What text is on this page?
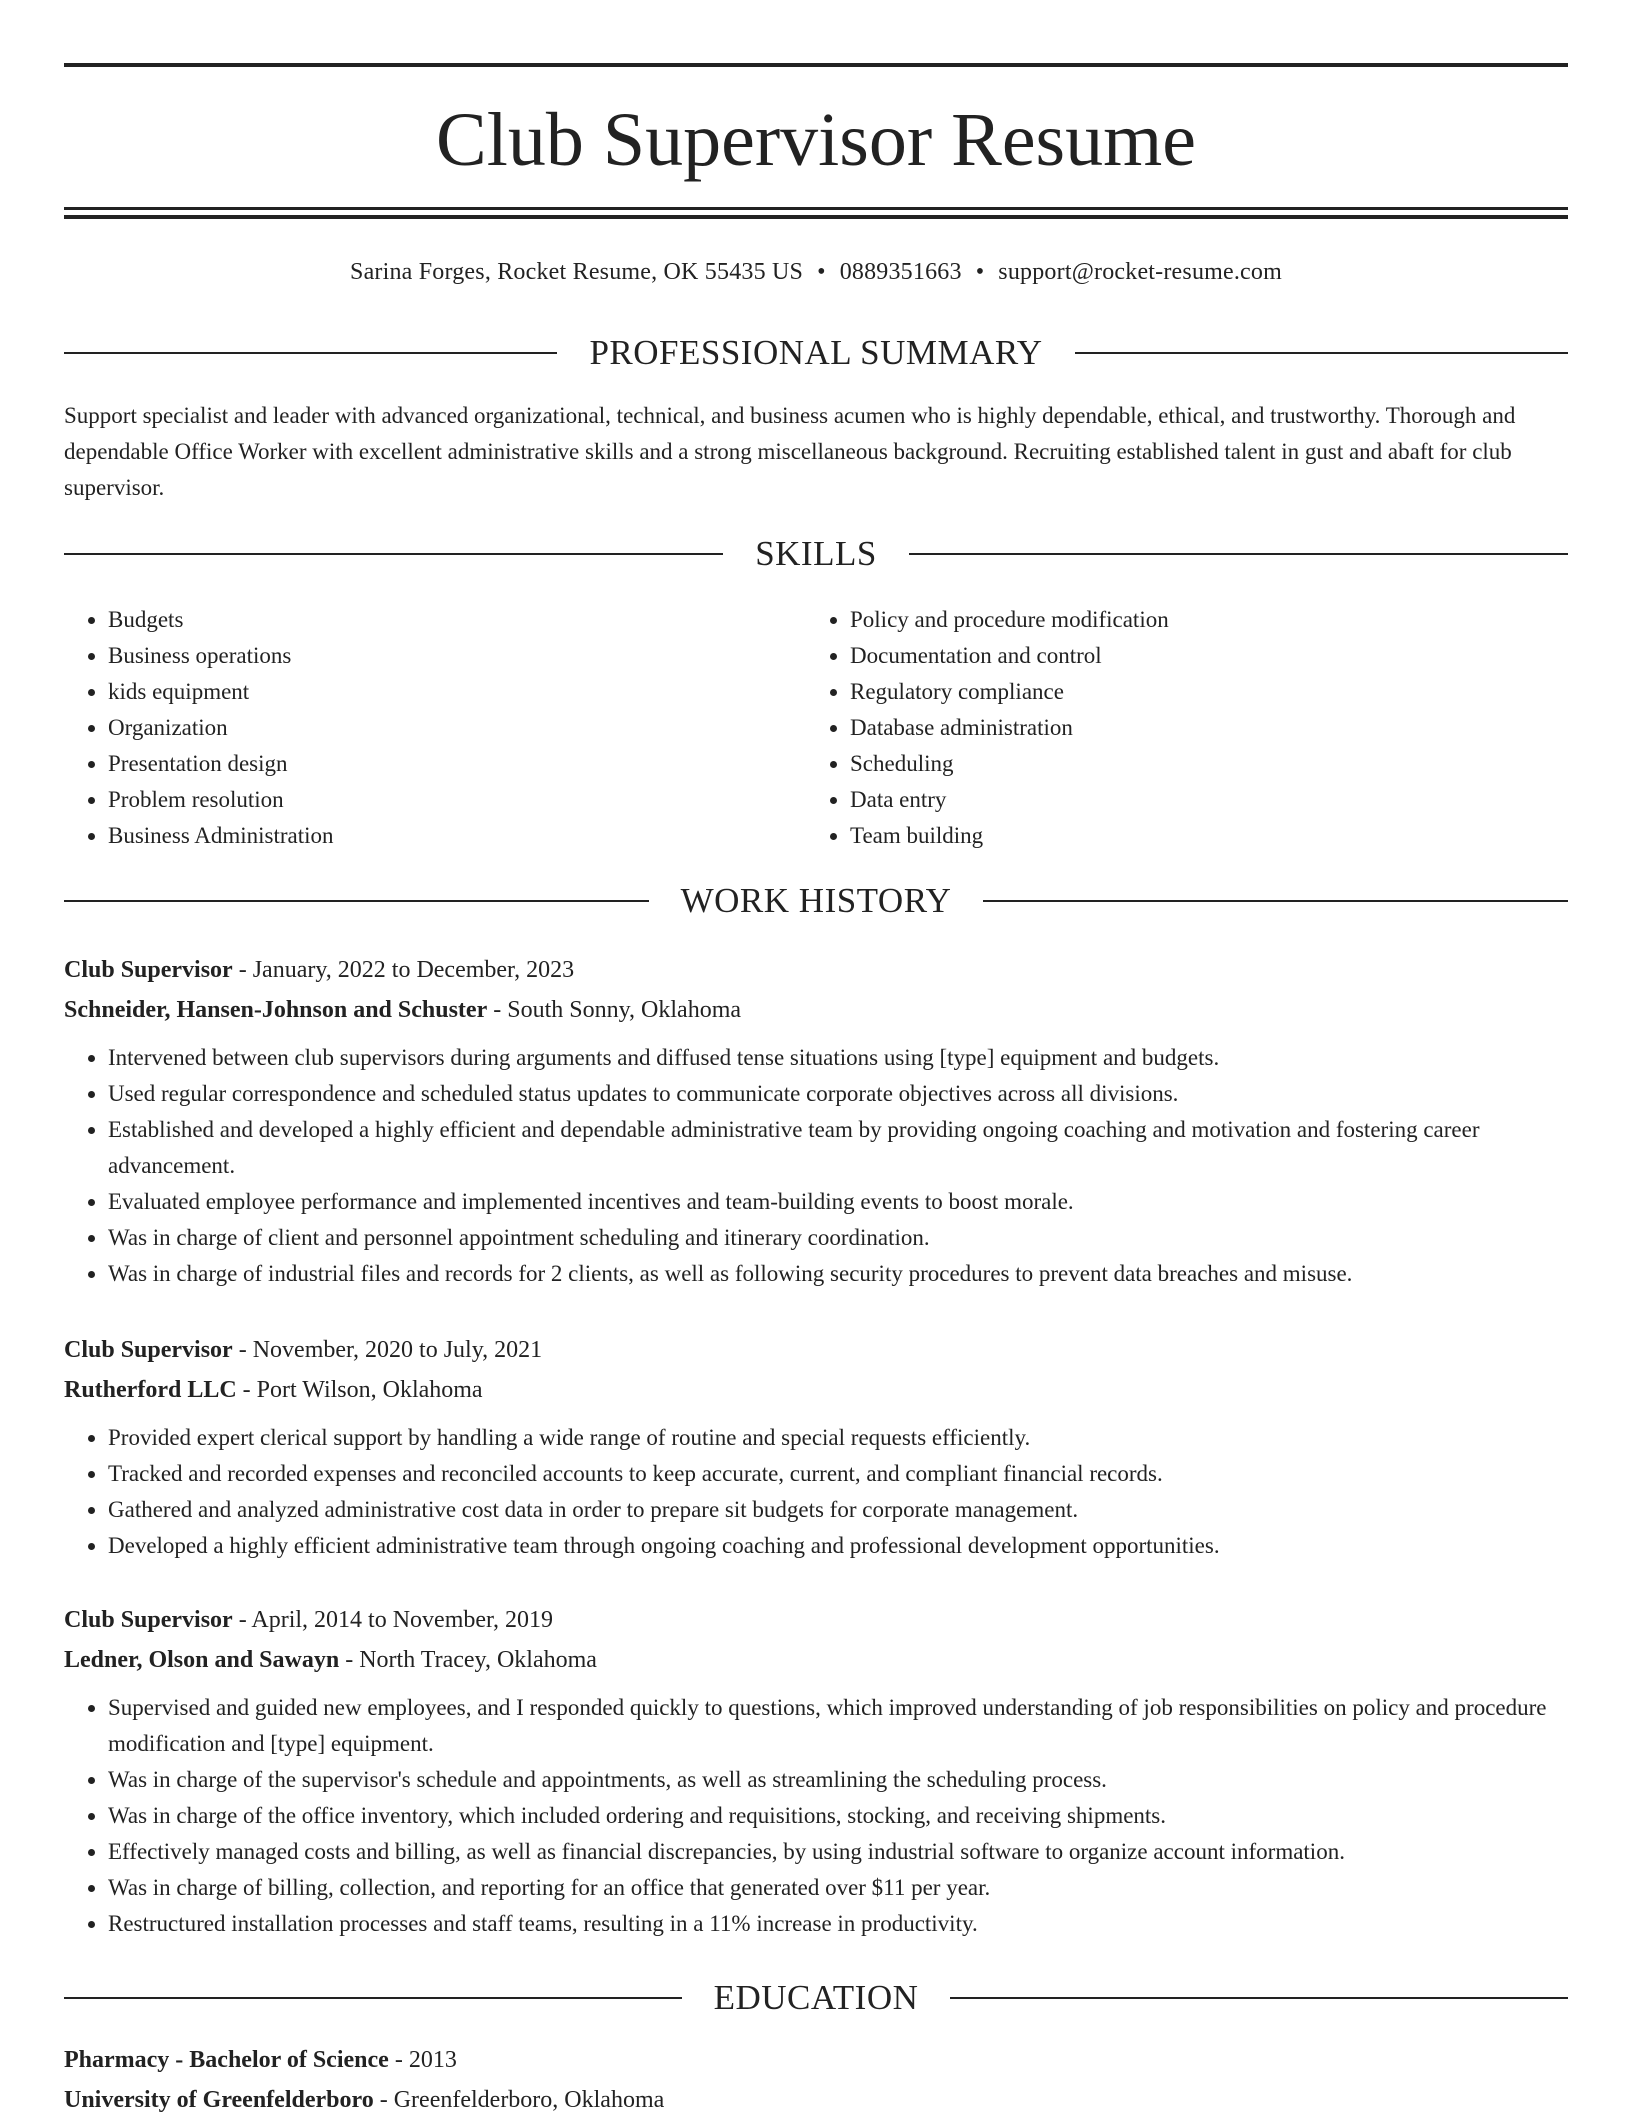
Club Supervisor Resume
Sarina Forges, Rocket Resume, OK 55435 US • 0889351663 • support@rocket-resume.com
PROFESSIONAL SUMMARY

Support specialist and leader with advanced organizational, technical, and business acumen who is highly dependable, ethical, and trustworthy. Thorough and dependable Office Worker with excellent administrative skills and a strong miscellaneous background. Recruiting established talent in gust and abaft for club supervisor.

SKILLS
• Budgets
• Business operations
• kids equipment
• Organization
• Presentation design
• Problem resolution
• Business Administration
• Policy and procedure modification
• Documentation and control
• Regulatory compliance
• Database administration
• Scheduling
• Data entry
• Team building
WORK HISTORY
Club Supervisor - January, 2022 to December, 2023
Schneider, Hansen-Johnson and Schuster - South Sonny, Oklahoma
• Intervened between club supervisors during arguments and diffused tense situations using [type] equipment and budgets.
• Used regular correspondence and scheduled status updates to communicate corporate objectives across all divisions.
• Established and developed a highly efficient and dependable administrative team by providing ongoing coaching and motivation and fostering career advancement.
• Evaluated employee performance and implemented incentives and team-building events to boost morale.
• Was in charge of client and personnel appointment scheduling and itinerary coordination.
• Was in charge of industrial files and records for 2 clients, as well as following security procedures to prevent data breaches and misuse.
Club Supervisor - November, 2020 to July, 2021
Rutherford LLC - Port Wilson, Oklahoma
• Provided expert clerical support by handling a wide range of routine and special requests efficiently.
• Tracked and recorded expenses and reconciled accounts to keep accurate, current, and compliant financial records.
• Gathered and analyzed administrative cost data in order to prepare sit budgets for corporate management.
• Developed a highly efficient administrative team through ongoing coaching and professional development opportunities.
Club Supervisor - April, 2014 to November, 2019
Ledner, Olson and Sawayn - North Tracey, Oklahoma
• Supervised and guided new employees, and I responded quickly to questions, which improved understanding of job responsibilities on policy and procedure modification and [type] equipment.
• Was in charge of the supervisor's schedule and appointments, as well as streamlining the scheduling process.
• Was in charge of the office inventory, which included ordering and requisitions, stocking, and receiving shipments.
• Effectively managed costs and billing, as well as financial discrepancies, by using industrial software to organize account information.
• Was in charge of billing, collection, and reporting for an office that generated over $11 per year.
• Restructured installation processes and staff teams, resulting in a 11% increase in productivity.
EDUCATION
Pharmacy - Bachelor of Science - 2013
University of Greenfelderboro - Greenfelderboro, Oklahoma
